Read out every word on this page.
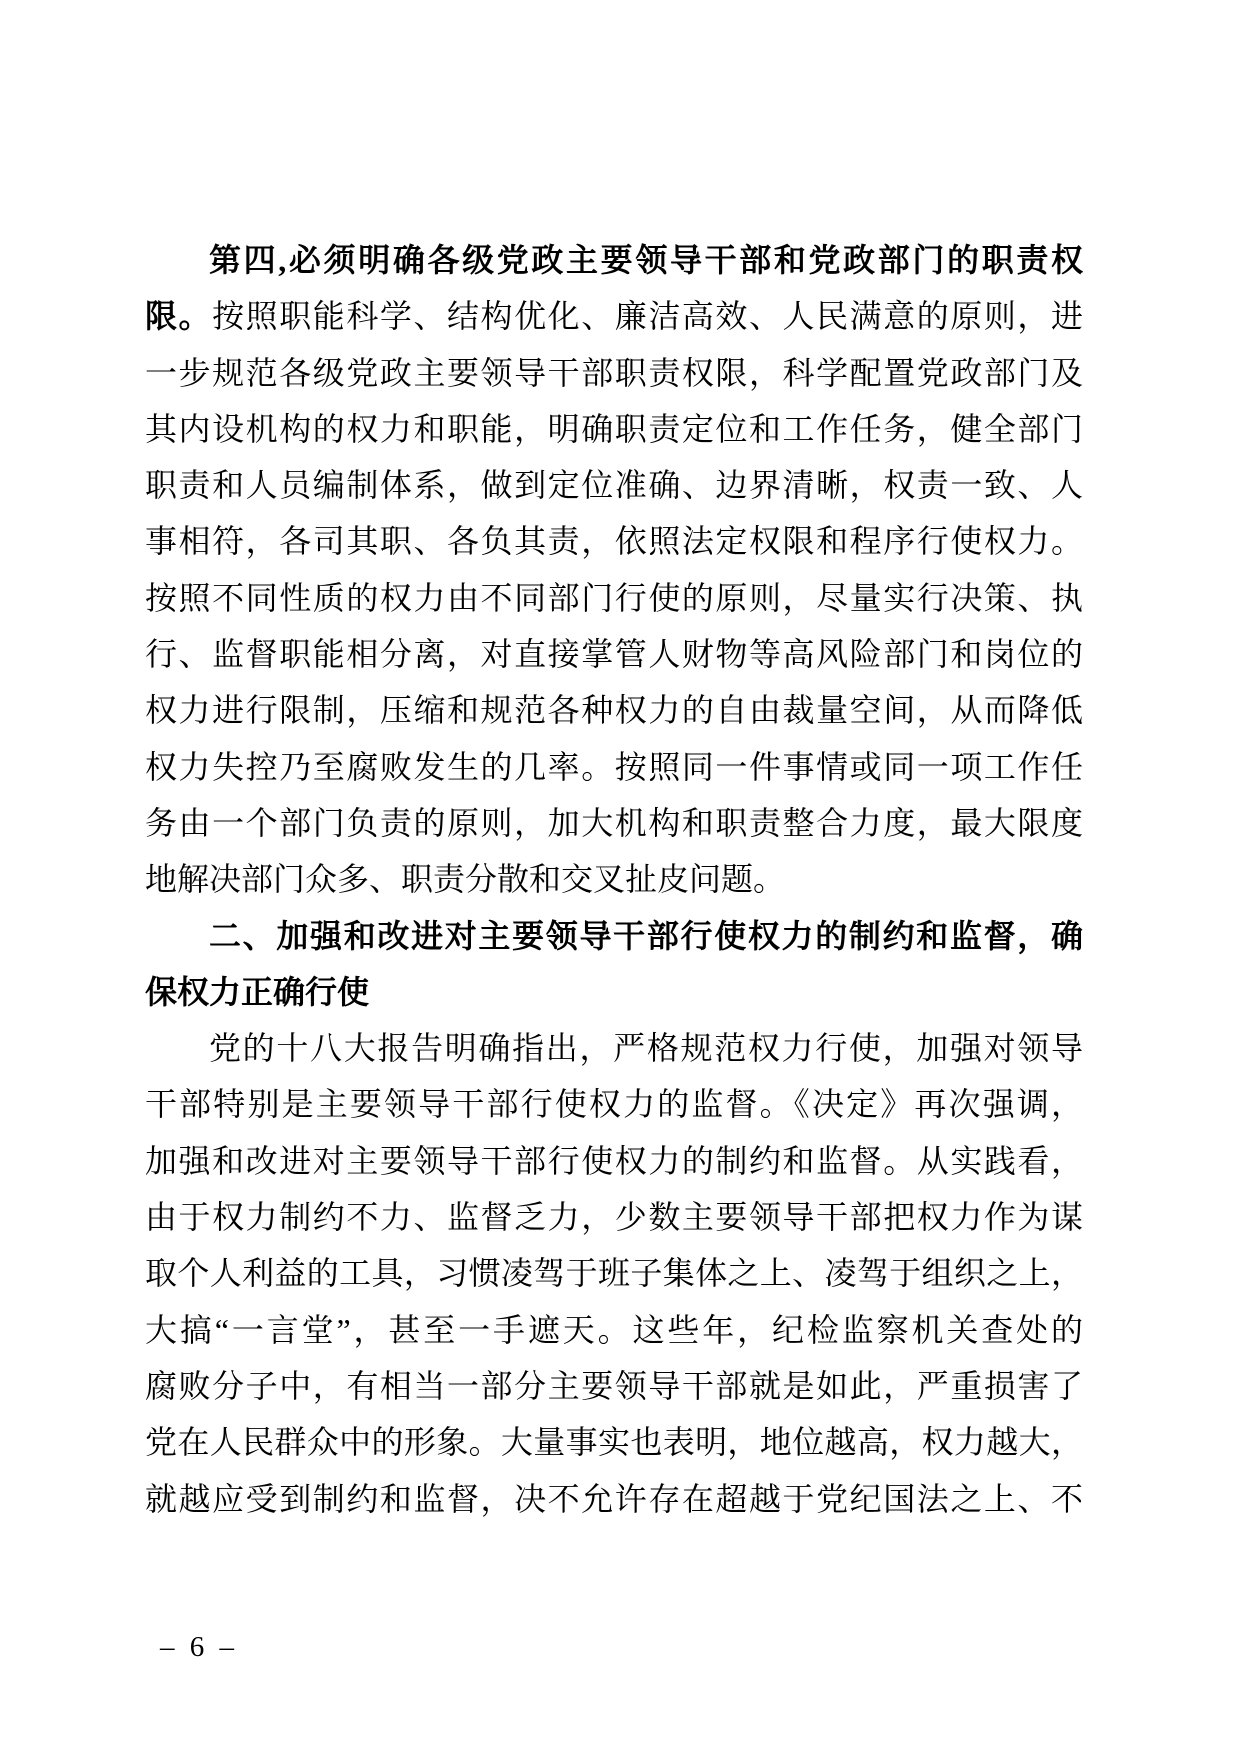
第四,必须明确各级党政主要领导干部和党政部门的职责权
限。按照职能科学、结构优化、廉洁高效、人民满意的原则，进
一步规范各级党政主要领导干部职责权限，科学配置党政部门及
其内设机构的权力和职能，明确职责定位和工作任务，健全部门
职责和人员编制体系，做到定位准确、边界清晰，权责一致、人
事相符，各司其职、各负其责，依照法定权限和程序行使权力。
按照不同性质的权力由不同部门行使的原则，尽量实行决策、执
行、监督职能相分离，对直接掌管人财物等高风险部门和岗位的
权力进行限制，压缩和规范各种权力的自由裁量空间，从而降低
权力失控乃至腐败发生的几率。按照同一件事情或同一项工作任
务由一个部门负责的原则，加大机构和职责整合力度，最大限度
地解决部门众多、职责分散和交叉扯皮问题。
二、加强和改进对主要领导干部行使权力的制约和监督，确
保权力正确行使
党的十八大报告明确指出，严格规范权力行使，加强对领导
干部特别是主要领导干部行使权力的监督。《决定》再次强调，
加强和改进对主要领导干部行使权力的制约和监督。从实践看，
由于权力制约不力、监督乏力，少数主要领导干部把权力作为谋
取个人利益的工具，习惯凌驾于班子集体之上、凌驾于组织之上，
大搞“一言堂”，甚至一手遮天。这些年，纪检监察机关查处的
腐败分子中，有相当一部分主要领导干部就是如此，严重损害了
党在人民群众中的形象。大量事实也表明，地位越高，权力越大，
就越应受到制约和监督，决不允许存在超越于党纪国法之上、不
– 6 –
